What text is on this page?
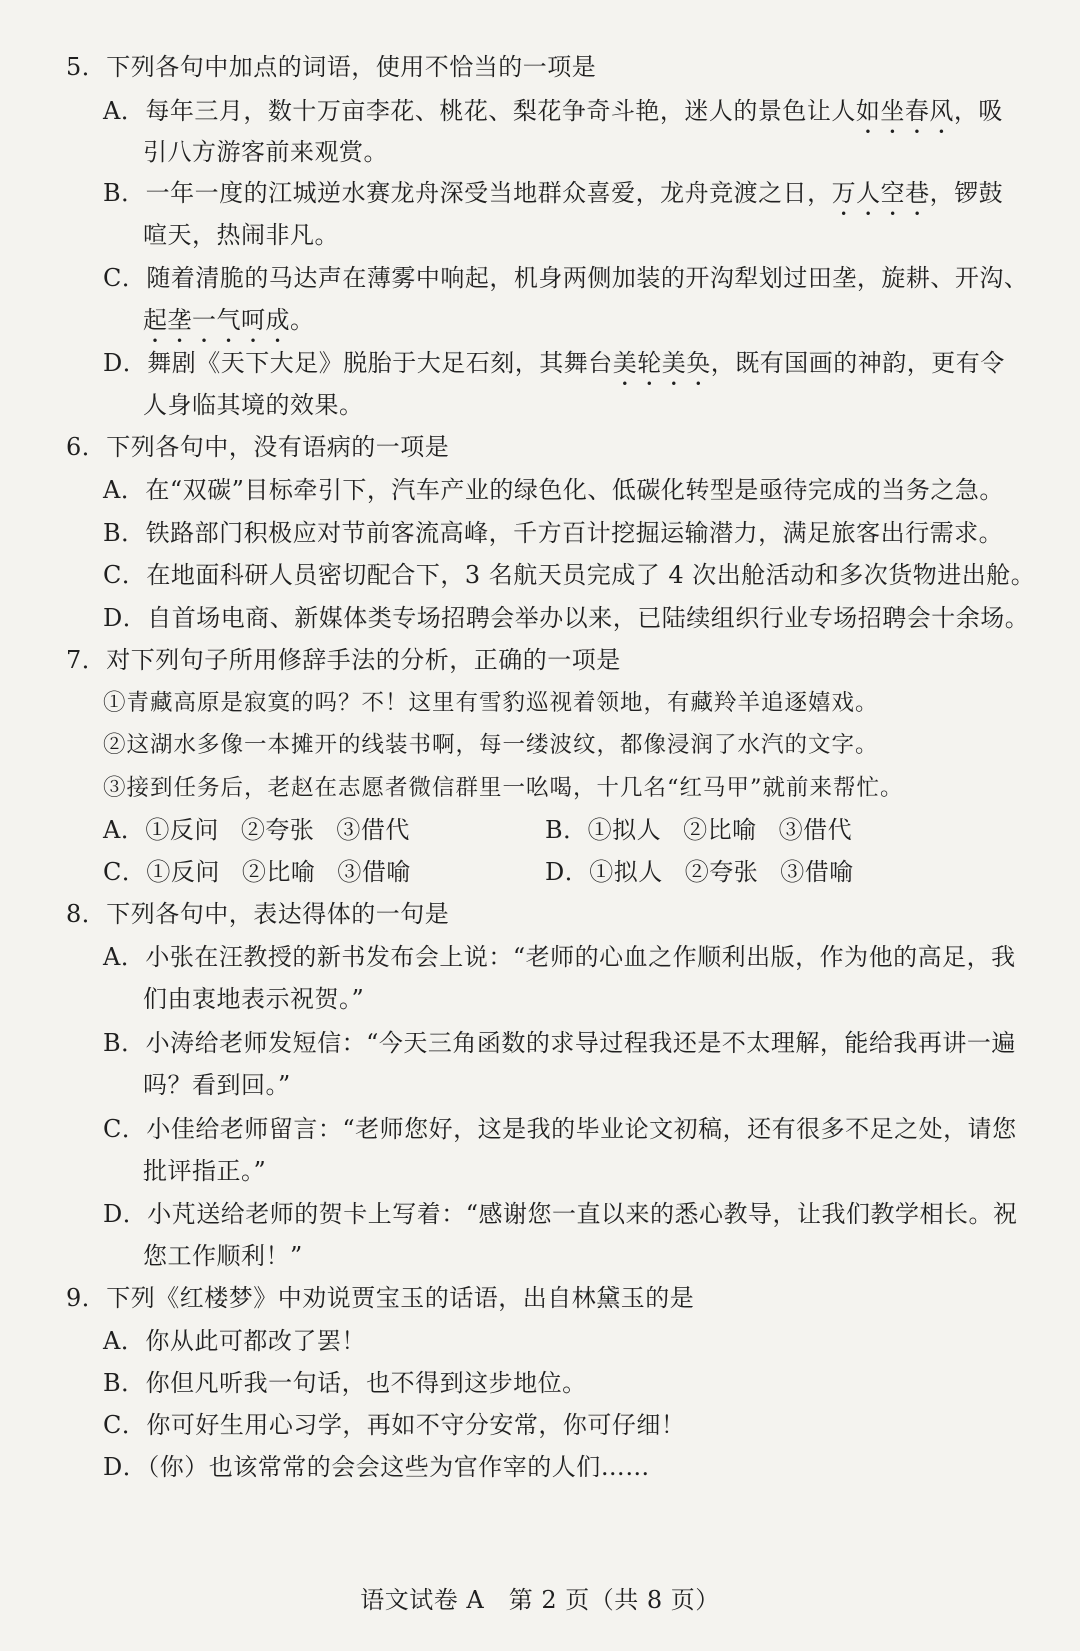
5．下列各句中加点的词语，使用不恰当的一项是
A．每年三月，数十万亩李花、桃花、梨花争奇斗艳，迷人的景色让人如坐春风，吸
引八方游客前来观赏。
B．一年一度的江城逆水赛龙舟深受当地群众喜爱，龙舟竞渡之日，万人空巷，锣鼓
喧天，热闹非凡。
C．随着清脆的马达声在薄雾中响起，机身两侧加装的开沟犁划过田垄，旋耕、开沟、
起垄一气呵成。
D．舞剧《天下大足》脱胎于大足石刻，其舞台美轮美奂，既有国画的神韵，更有令
人身临其境的效果。
6．下列各句中，没有语病的一项是
A．在“双碳”目标牵引下，汽车产业的绿色化、低碳化转型是亟待完成的当务之急。
B．铁路部门积极应对节前客流高峰，千方百计挖掘运输潜力，满足旅客出行需求。
C．在地面科研人员密切配合下，3 名航天员完成了 4 次出舱活动和多次货物进出舱。
D．自首场电商、新媒体类专场招聘会举办以来，已陆续组织行业专场招聘会十余场。
7．对下列句子所用修辞手法的分析，正确的一项是
①青藏高原是寂寞的吗？不！这里有雪豹巡视着领地，有藏羚羊追逐嬉戏。
②这湖水多像一本摊开的线装书啊，每一缕波纹，都像浸润了水汽的文字。
③接到任务后，老赵在志愿者微信群里一吆喝，十几名“红马甲”就前来帮忙。
A．①反问 ②夸张 ③借代	B．①拟人 ②比喻 ③借代
C．①反问 ②比喻 ③借喻	D．①拟人 ②夸张 ③借喻
8．下列各句中，表达得体的一句是
A．小张在汪教授的新书发布会上说：“老师的心血之作顺利出版，作为他的高足，我
们由衷地表示祝贺。”
B．小涛给老师发短信：“今天三角函数的求导过程我还是不太理解，能给我再讲一遍
吗？看到回。”
C．小佳给老师留言：“老师您好，这是我的毕业论文初稿，还有很多不足之处，请您
批评指正。”
D．小芃送给老师的贺卡上写着：“感谢您一直以来的悉心教导，让我们教学相长。祝
您工作顺利！”
9．下列《红楼梦》中劝说贾宝玉的话语，出自林黛玉的是
A．你从此可都改了罢！
B．你但凡听我一句话，也不得到这步地位。
C．你可好生用心习学，再如不守分安常，你可仔细！
D．（你）也该常常的会会这些为官作宰的人们……
语文试卷 A　第 2 页（共 8 页）
